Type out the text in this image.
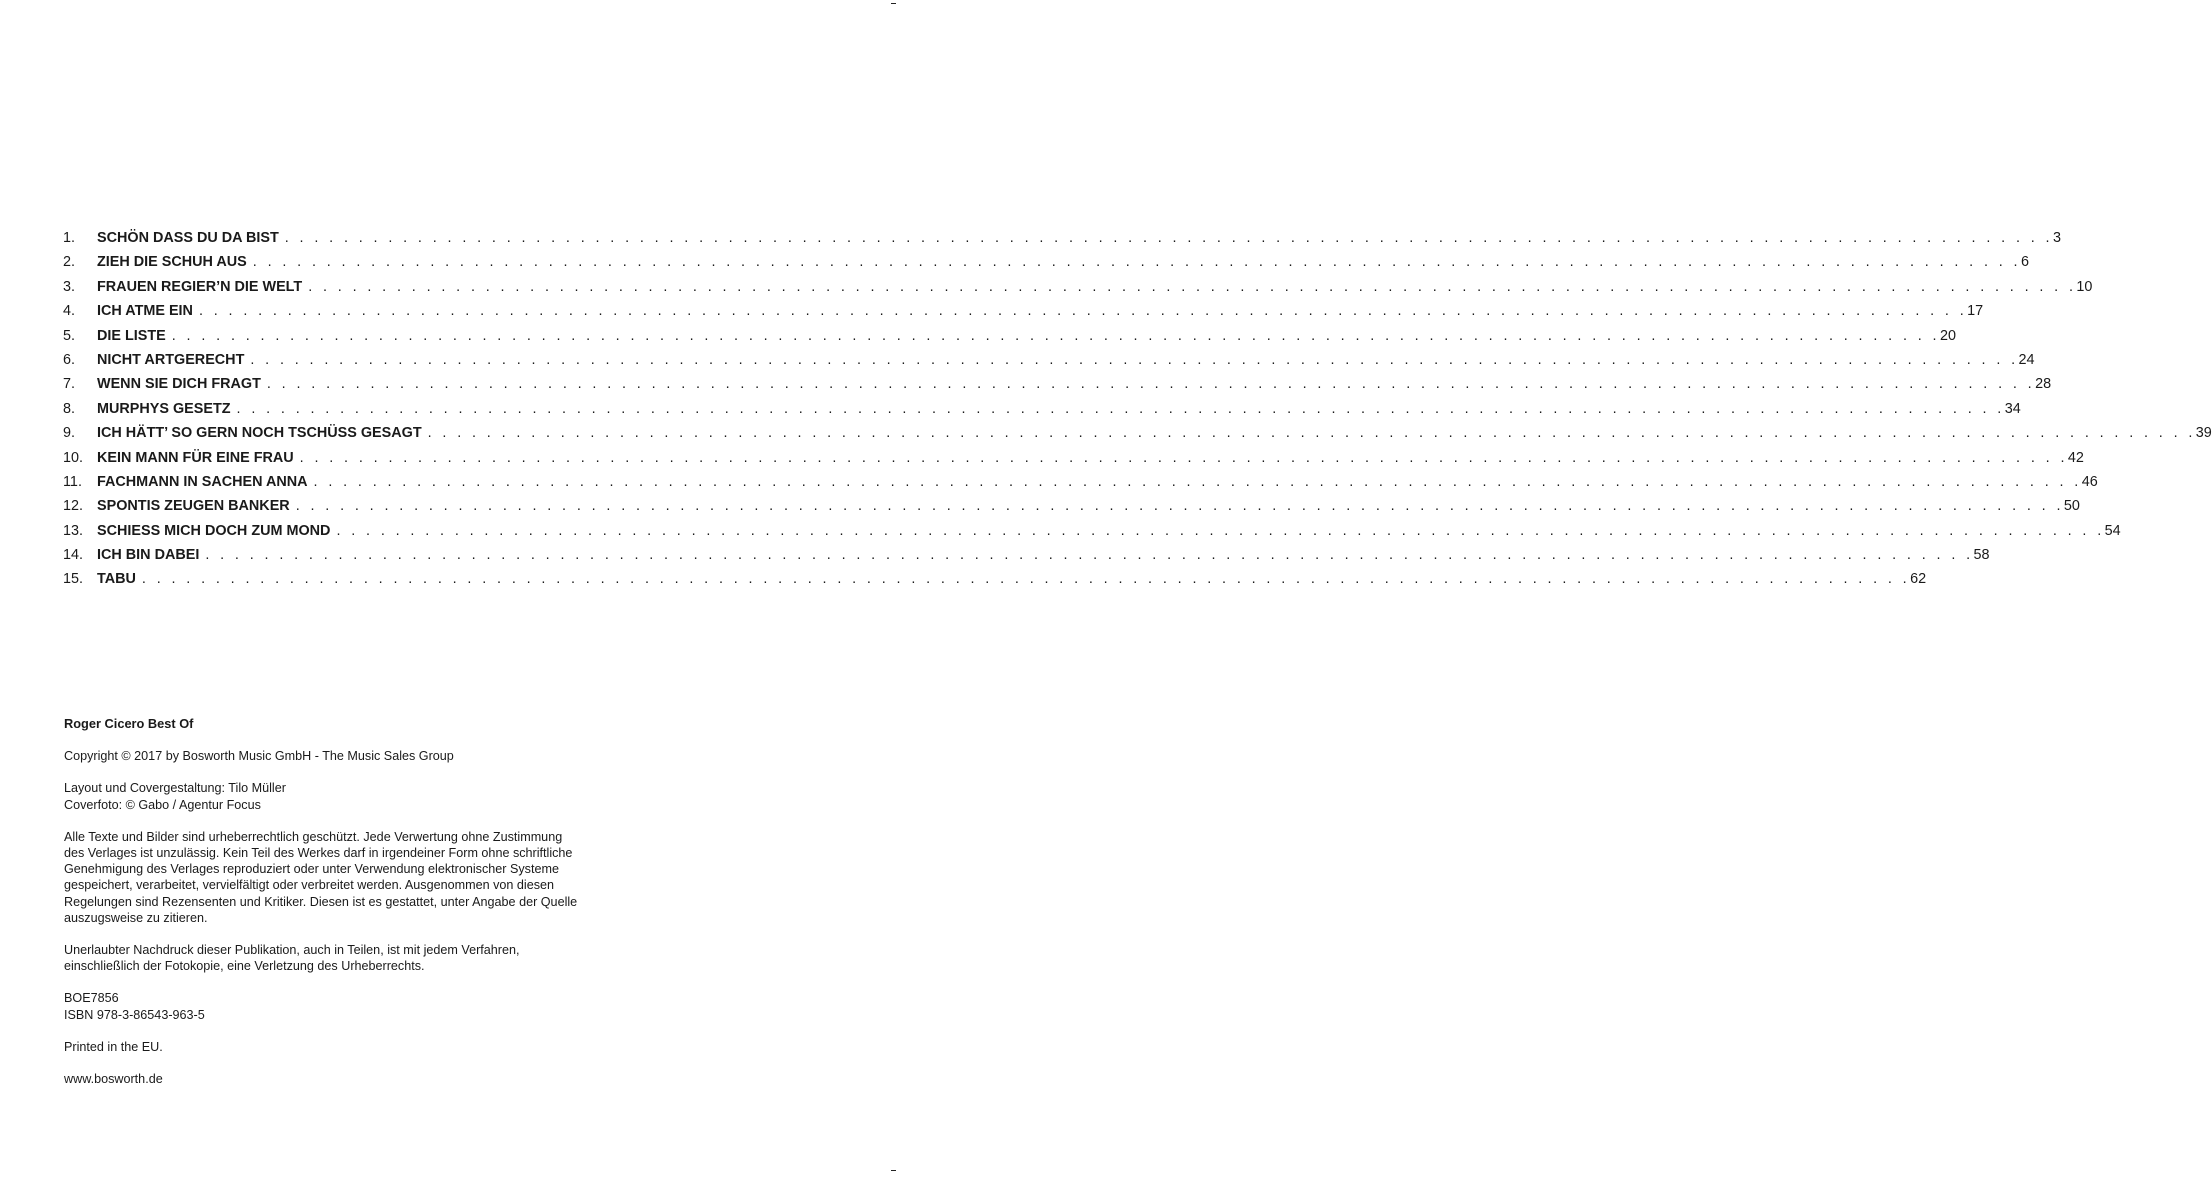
1.	SCHÖN DASS DU DA BIST . . . . . . . . . . . . . . . . . . . . . . . . . . . . . . . . . . . . . . . . . . . . . . . . . . . . . . . . . . . . . . . . . . . . . . . . . . . . . . . . . . . . . . . . . . . . . . . . . . . . . . . . . . . . . . . . . . . . . . . . 3
2.	ZIEH DIE SCHUH AUS . . . . . . . . . . . . . . . . . . . . . . . . . . . . . . . . . . . . . . . . . . . . . . . . . . . . . . . . . . . . . . . . . . . . . . . . . . . . . . . . . . . . . . . . . . . . . . . . . . . . . . . . . . . . . . . . . . . . . . . . 6
3.	FRAUEN REGIER’N DIE WELT . . . . . . . . . . . . . . . . . . . . . . . . . . . . . . . . . . . . . . . . . . . . . . . . . . . . . . . . . . . . . . . . . . . . . . . . . . . . . . . . . . . . . . . . . . . . . . . . . . . . . . . . . . . . . . . . . . . . . . . . 10
4.	ICH ATME EIN . . . . . . . . . . . . . . . . . . . . . . . . . . . . . . . . . . . . . . . . . . . . . . . . . . . . . . . . . . . . . . . . . . . . . . . . . . . . . . . . . . . . . . . . . . . . . . . . . . . . . . . . . . . . . . . . . . . . . . . . 17
5.	DIE LISTE . . . . . . . . . . . . . . . . . . . . . . . . . . . . . . . . . . . . . . . . . . . . . . . . . . . . . . . . . . . . . . . . . . . . . . . . . . . . . . . . . . . . . . . . . . . . . . . . . . . . . . . . . . . . . . . . . . . . . . . . 20
6.	NICHT ARTGERECHT . . . . . . . . . . . . . . . . . . . . . . . . . . . . . . . . . . . . . . . . . . . . . . . . . . . . . . . . . . . . . . . . . . . . . . . . . . . . . . . . . . . . . . . . . . . . . . . . . . . . . . . . . . . . . . . . . . . . . . . . 24
7.	WENN SIE DICH FRAGT . . . . . . . . . . . . . . . . . . . . . . . . . . . . . . . . . . . . . . . . . . . . . . . . . . . . . . . . . . . . . . . . . . . . . . . . . . . . . . . . . . . . . . . . . . . . . . . . . . . . . . . . . . . . . . . . . . . . . . . . 28
8.	MURPHYS GESETZ . . . . . . . . . . . . . . . . . . . . . . . . . . . . . . . . . . . . . . . . . . . . . . . . . . . . . . . . . . . . . . . . . . . . . . . . . . . . . . . . . . . . . . . . . . . . . . . . . . . . . . . . . . . . . . . . . . . . . . . . 34
9.	ICH HÄTT’ SO GERN NOCH TSCHÜSS GESAGT . . . . . . . . . . . . . . . . . . . . . . . . . . . . . . . . . . . . . . . . . . . . . . . . . . . . . . . . . . . . . . . . . . . . . . . . . . . . . . . . . . . . . . . . . . . . . . . . . . . . . . . . . . . . . . . . . . . . . . . . 39
10. KEIN MANN FÜR EINE FRAU . . . . . . . . . . . . . . . . . . . . . . . . . . . . . . . . . . . . . . . . . . . . . . . . . . . . . . . . . . . . . . . . . . . . . . . . . . . . . . . . . . . . . . . . . . . . . . . . . . . . . . . . . . . . . . . . . . . . . . . . 42
11.	FACHMANN IN SACHEN ANNA . . . . . . . . . . . . . . . . . . . . . . . . . . . . . . . . . . . . . . . . . . . . . . . . . . . . . . . . . . . . . . . . . . . . . . . . . . . . . . . . . . . . . . . . . . . . . . . . . . . . . . . . . . . . . . . . . . . . . . . . 46
12. SPONTIS ZEUGEN BANKER . . . . . . . . . . . . . . . . . . . . . . . . . . . . . . . . . . . . . . . . . . . . . . . . . . . . . . . . . . . . . . . . . . . . . . . . . . . . . . . . . . . . . . . . . . . . . . . . . . . . . . . . . . . . . . . . . . . . . . . . 50
13. SCHIESS MICH DOCH ZUM MOND . . . . . . . . . . . . . . . . . . . . . . . . . . . . . . . . . . . . . . . . . . . . . . . . . . . . . . . . . . . . . . . . . . . . . . . . . . . . . . . . . . . . . . . . . . . . . . . . . . . . . . . . . . . . . . . . . . . . . . . . 54
14. ICH BIN DABEI . . . . . . . . . . . . . . . . . . . . . . . . . . . . . . . . . . . . . . . . . . . . . . . . . . . . . . . . . . . . . . . . . . . . . . . . . . . . . . . . . . . . . . . . . . . . . . . . . . . . . . . . . . . . . . . . . . . . . . . . 58
15. TABU . . . . . . . . . . . . . . . . . . . . . . . . . . . . . . . . . . . . . . . . . . . . . . . . . . . . . . . . . . . . . . . . . . . . . . . . . . . . . . . . . . . . . . . . . . . . . . . . . . . . . . . . . . . . . . . . . . . . . . . . 62

Roger Cicero Best Of

Copyright © 2017 by Bosworth Music GmbH - The Music Sales Group

Layout und Covergestaltung: Tilo Müller
Coverfoto: © Gabo / Agentur Focus

Alle Texte und Bilder sind urheberrechtlich geschützt. Jede Verwertung ohne Zustimmung
des Verlages ist unzulässig. Kein Teil des Werkes darf in irgendeiner Form ohne schriftliche
Genehmigung des Verlages reproduziert oder unter Verwendung elektronischer Systeme
gespeichert, verarbeitet, vervielfältigt oder verbreitet werden. Ausgenommen von diesen
Regelungen sind Rezensenten und Kritiker. Diesen ist es gestattet, unter Angabe der Quelle
auszugsweise zu zitieren.

Unerlaubter Nachdruck dieser Publikation, auch in Teilen, ist mit jedem Verfahren,
einschließlich der Fotokopie, eine Verletzung des Urheberrechts.

BOE7856
ISBN 978-3-86543-963-5

Printed in the EU.

www.bosworth.de
